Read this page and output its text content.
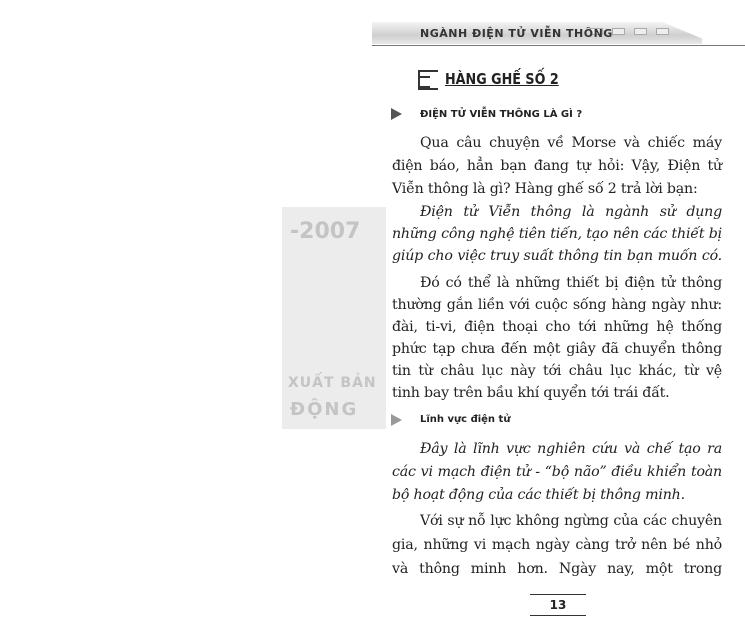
-2007
XUẤT BẢN
ĐỘNG
NGÀNH ĐIỆN TỬ VIỄN THÔNG
HÀNG GHẾ SỐ 2
ĐIỆN TỬ VIỄN THÔNG LÀ GÌ ?
Qua câu chuyện về Morse và chiếc máy
điện báo, hẳn bạn đang tự hỏi: Vậy, Điện tử
Viễn thông là gì? Hàng ghế số 2 trả lời bạn:
Điện tử Viễn thông là ngành sử dụng
những công nghệ tiên tiến, tạo nên các thiết bị
giúp cho việc truy suất thông tin bạn muốn có.
Đó có thể là những thiết bị điện tử thông
thường gắn liền với cuộc sống hàng ngày như:
đài, ti-vi, điện thoại cho tới những hệ thống
phức tạp chưa đến một giây đã chuyển thông
tin từ châu lục này tới châu lục khác, từ vệ
tinh bay trên bầu khí quyển tới trái đất.
Lĩnh vực điện tử
Đây là lĩnh vực nghiên cứu và chế tạo ra
các vi mạch điện tử - “bộ não” điều khiển toàn
bộ hoạt động của các thiết bị thông minh.
Với sự nỗ lực không ngừng của các chuyên
gia, những vi mạch ngày càng trở nên bé nhỏ
và thông minh hơn. Ngày nay, một trong
13
